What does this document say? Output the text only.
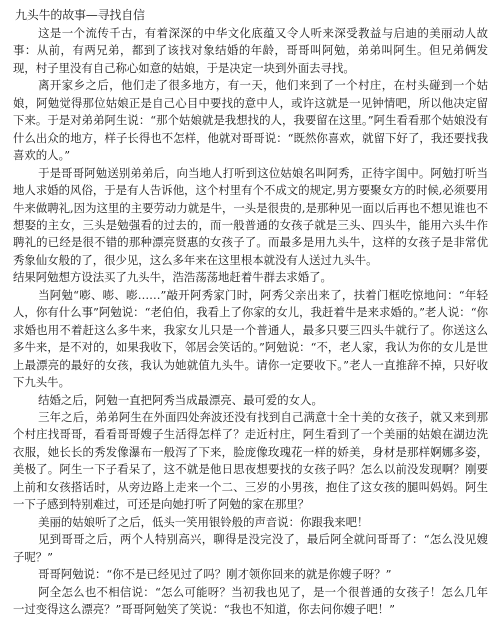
九头牛的故事—寻找自信

这是一个流传千古，有着深深的中华文化底蕴又令人听来深受教益与启迪的美丽动人故事：从前，有两兄弟，都到了该找对象结婚的年龄，哥哥叫阿勉，弟弟叫阿生。但兄弟俩发现，村子里没有自己称心如意的姑娘，于是决定一块到外面去寻找。

离开家乡之后，他们走了很多地方，有一天，他们来到了一个村庄，在村头碰到一个姑娘，阿勉觉得那位姑娘正是自己心目中要找的意中人，或许这就是一见钟情吧，所以他决定留下来。于是对弟弟阿生说：“那个姑娘就是我想找的人，我要留在这里。”阿生看看那个姑娘没有什么出众的地方，样子长得也不怎样，他就对哥哥说：“既然你喜欢，就留下好了，我还要找我喜欢的人。”

于是哥哥阿勉送别弟弟后，向当地人打听到这位姑娘名叫阿秀，正待字闺中。阿勉打听当地人求婚的风俗，于是有人告诉他，这个村里有个不成文的规定,男方要聚女方的时候,必须要用牛来做聘礼,因为这里的主要劳动力就是牛，一头是很贵的,是那种见一面以后再也不想见谁也不想娶的主女，三头是勉强看的过去的，而一般普通的女孩子就是三头、四头牛，能用六头牛作聘礼的已经是很不错的那种漂亮贤惠的女孩子了。而最多是用九头牛，这样的女孩子是非常优秀象仙女般的了，很少见，这么多年来在这里根本就没有人送过九头牛。

结果阿勉想方设法买了九头牛，浩浩荡荡地赶着牛群去求婚了。

当阿勉“嘭、嘭、嘭……”敲开阿秀家门时，阿秀父亲出来了，扶着门框吃惊地问：“年轻人，你有什么事”阿勉说：“老伯伯，我看上了你家的女儿，我赶着牛是来求婚的。”老人说：“你求婚也用不着赶这么多牛来，我家女儿只是一个普通人，最多只要三四头牛就行了。你送这么多牛来，是不对的，如果我收下，邻居会笑话的。”阿勉说：“不，老人家，我认为你的女儿是世上最漂亮的最好的女孩，我认为她就值九头牛。请你一定要收下。”老人一直推辞不掉，只好收下九头牛。

结婚之后，阿勉一直把阿秀当成最漂亮、最可爱的女人。

三年之后，弟弟阿生在外面四处奔波还没有找到自己满意十全十美的女孩子，就又来到那个村庄找哥哥，看看哥哥嫂子生活得怎样了？走近村庄，阿生看到了一个美丽的姑娘在湖边洗衣服，她长长的秀发像瀑布一般泻了下来，脸庞像玫瑰花一样的娇美，身材是那样婀娜多姿，美极了。阿生一下子看呆了，这不就是他日思夜想要找的女孩子吗？怎么以前没发现啊？刚要上前和女孩搭话时，从旁边路上走来一个二、三岁的小男孩，抱住了这女孩的腿叫妈妈。阿生一下子感到特别难过，可还是向她打听了阿勉的家在那里？

美丽的姑娘听了之后，低头一笑用银铃般的声音说：你跟我来吧！

见到哥哥之后，两个人特别高兴，聊得是没完没了，最后阿全就问哥哥了：“怎么没见嫂子呢？”

哥哥阿勉说：“你不是已经见过了吗？刚才领你回来的就是你嫂子呀？”

阿全怎么也不相信说：“怎么可能呀？当初我也见了，是一个很普通的女孩子！怎么几年一过变得这么漂亮？”哥哥阿勉笑了笑说：“我也不知道，你去问你嫂子吧！”
